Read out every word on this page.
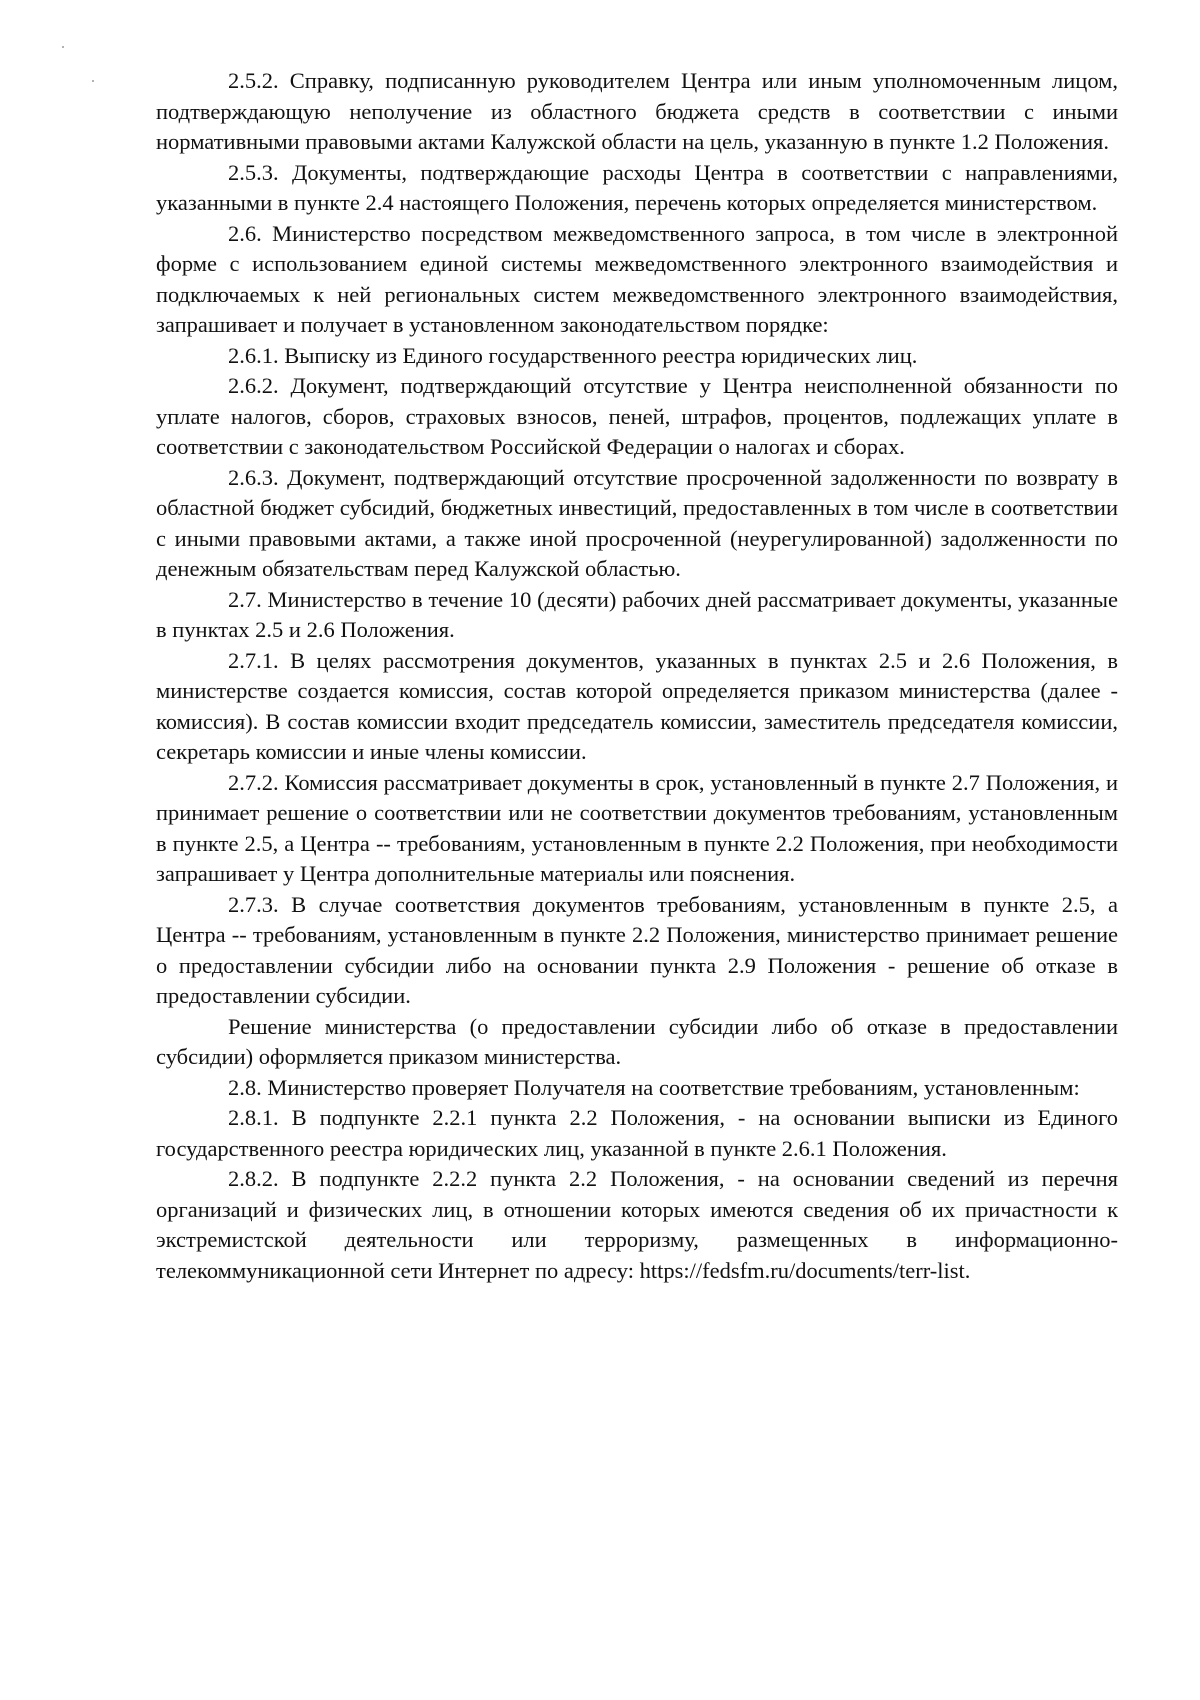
2.5.2. Справку, подписанную руководителем Центра или иным уполномоченным лицом, подтверждающую неполучение из областного бюджета средств в соответствии с иными нормативными правовыми актами Калужской области на цель, указанную в пункте 1.2 Положения.

2.5.3. Документы, подтверждающие расходы Центра в соответствии с направлениями, указанными в пункте 2.4 настоящего Положения, перечень которых определяется министерством.

2.6. Министерство посредством межведомственного запроса, в том числе в электронной форме с использованием единой системы межведомственного электронного взаимодействия и подключаемых к ней региональных систем межведомственного электронного взаимодействия, запрашивает и получает в установленном законодательством порядке:

2.6.1. Выписку из Единого государственного реестра юридических лиц.

2.6.2. Документ, подтверждающий отсутствие у Центра неисполненной обязанности по уплате налогов, сборов, страховых взносов, пеней, штрафов, процентов, подлежащих уплате в соответствии с законодательством Российской Федерации о налогах и сборах.

2.6.3. Документ, подтверждающий отсутствие просроченной задолженности по возврату в областной бюджет субсидий, бюджетных инвестиций, предоставленных в том числе в соответствии с иными правовыми актами, а также иной просроченной (неурегулированной) задолженности по денежным обязательствам перед Калужской областью.

2.7. Министерство в течение 10 (десяти) рабочих дней рассматривает документы, указанные в пунктах 2.5 и 2.6 Положения.

2.7.1. В целях рассмотрения документов, указанных в пунктах 2.5 и 2.6 Положения, в министерстве создается комиссия, состав которой определяется приказом министерства (далее - комиссия). В состав комиссии входит председатель комиссии, заместитель председателя комиссии, секретарь комиссии и иные члены комиссии.

2.7.2. Комиссия рассматривает документы в срок, установленный в пункте 2.7 Положения, и принимает решение о соответствии или не соответствии документов требованиям, установленным в пункте 2.5, а Центра -- требованиям, установленным в пункте 2.2 Положения, при необходимости запрашивает у Центра дополнительные материалы или пояснения.

2.7.3. В случае соответствия документов требованиям, установленным в пункте 2.5, а Центра -- требованиям, установленным в пункте 2.2 Положения, министерство принимает решение о предоставлении субсидии либо на основании пункта 2.9 Положения - решение об отказе в предоставлении субсидии.

Решение министерства (о предоставлении субсидии либо об отказе в предоставлении субсидии) оформляется приказом министерства.

2.8. Министерство проверяет Получателя на соответствие требованиям, установленным:

2.8.1. В подпункте 2.2.1 пункта 2.2 Положения, - на основании выписки из Единого государственного реестра юридических лиц, указанной в пункте 2.6.1 Положения.

2.8.2. В подпункте 2.2.2 пункта 2.2 Положения, - на основании сведений из перечня организаций и физических лиц, в отношении которых имеются сведения об их причастности к экстремистской деятельности или терроризму, размещенных в информационно-телекоммуникационной сети Интернет по адресу: https://fedsfm.ru/documents/terr-list.
